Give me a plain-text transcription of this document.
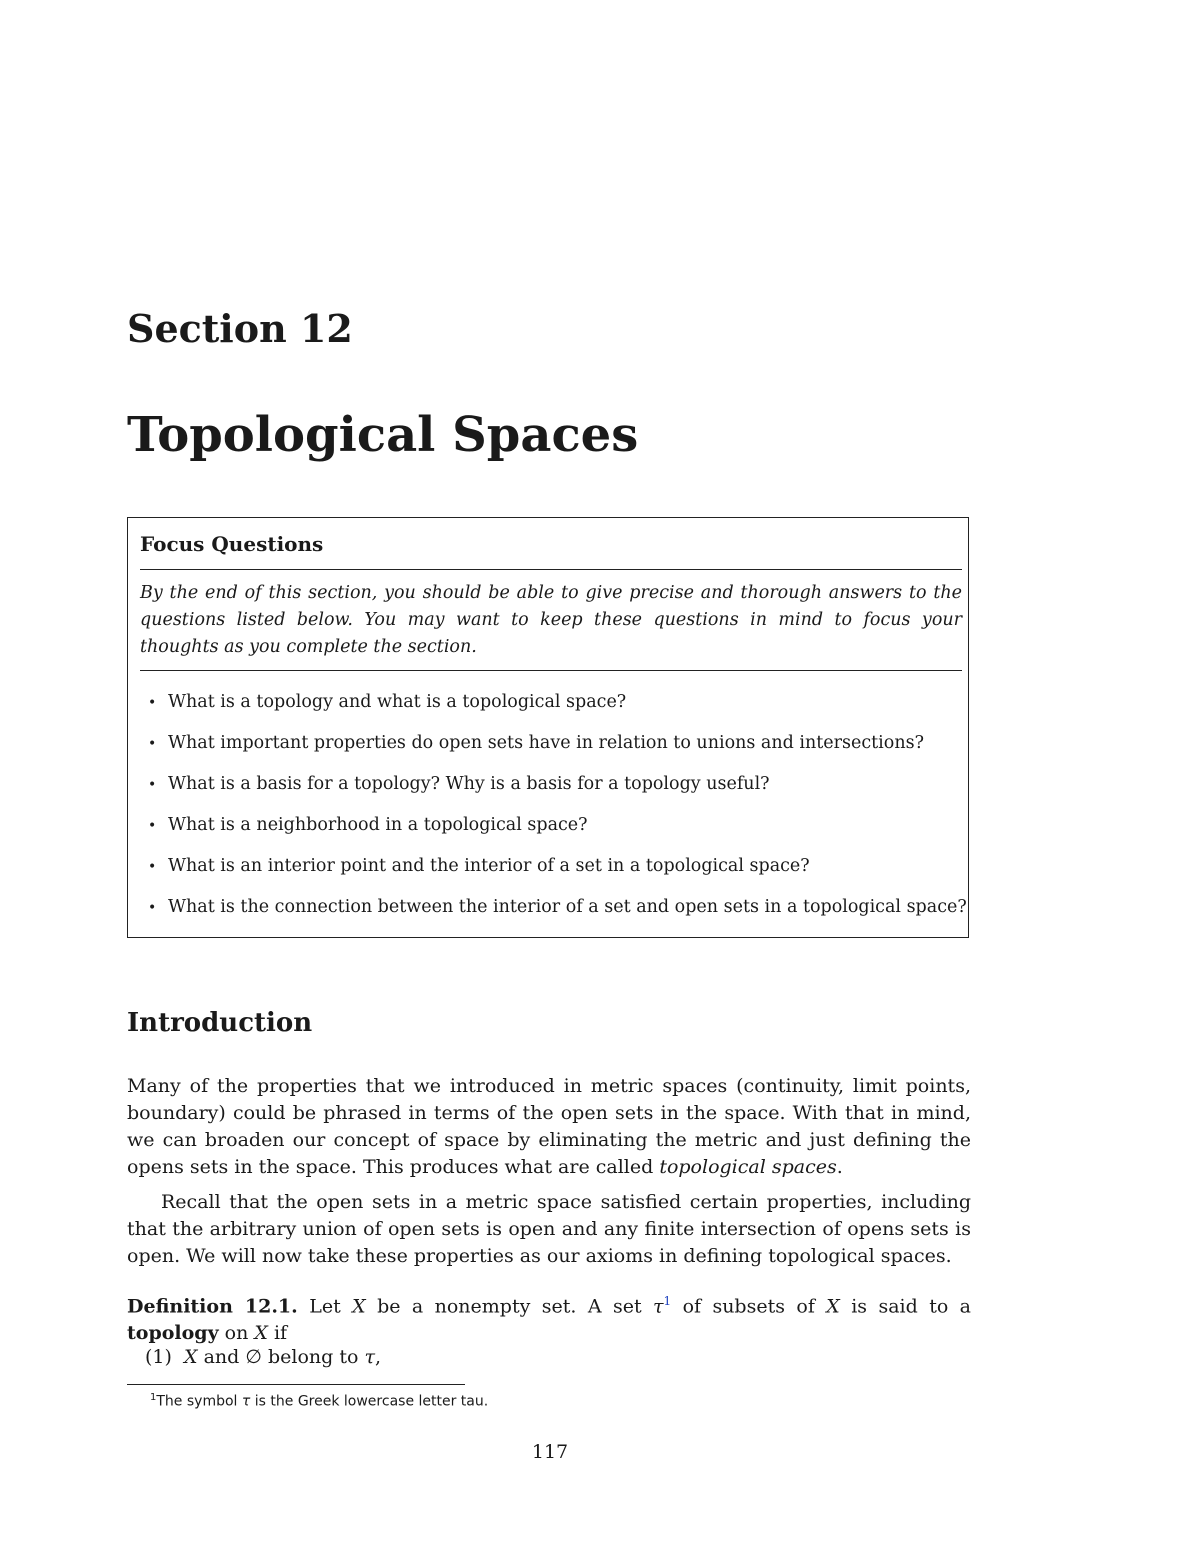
Section 12
Topological Spaces
Focus Questions

By the end of this section, you should be able to give precise and thorough answers to the questions listed below. You may want to keep these questions in mind to focus your thoughts as you complete the section.

• What is a topology and what is a topological space?
• What important properties do open sets have in relation to unions and intersections?
• What is a basis for a topology? Why is a basis for a topology useful?
• What is a neighborhood in a topological space?
• What is an interior point and the interior of a set in a topological space?
• What is the connection between the interior of a set and open sets in a topological space?
Introduction

Many of the properties that we introduced in metric spaces (continuity, limit points, boundary) could be phrased in terms of the open sets in the space. With that in mind, we can broaden our concept of space by eliminating the metric and just defining the opens sets in the space. This produces what are called topological spaces.

Recall that the open sets in a metric space satisfied certain properties, including that the arbitrary union of open sets is open and any finite intersection of opens sets is open. We will now take these properties as our axioms in defining topological spaces.

Definition 12.1. Let X be a nonempty set. A set $\tau^1$ of subsets of X is said to a topology on X if

(1) X and ∅ belong to τ,

$^1$The symbol τ is the Greek lowercase letter tau.

117
